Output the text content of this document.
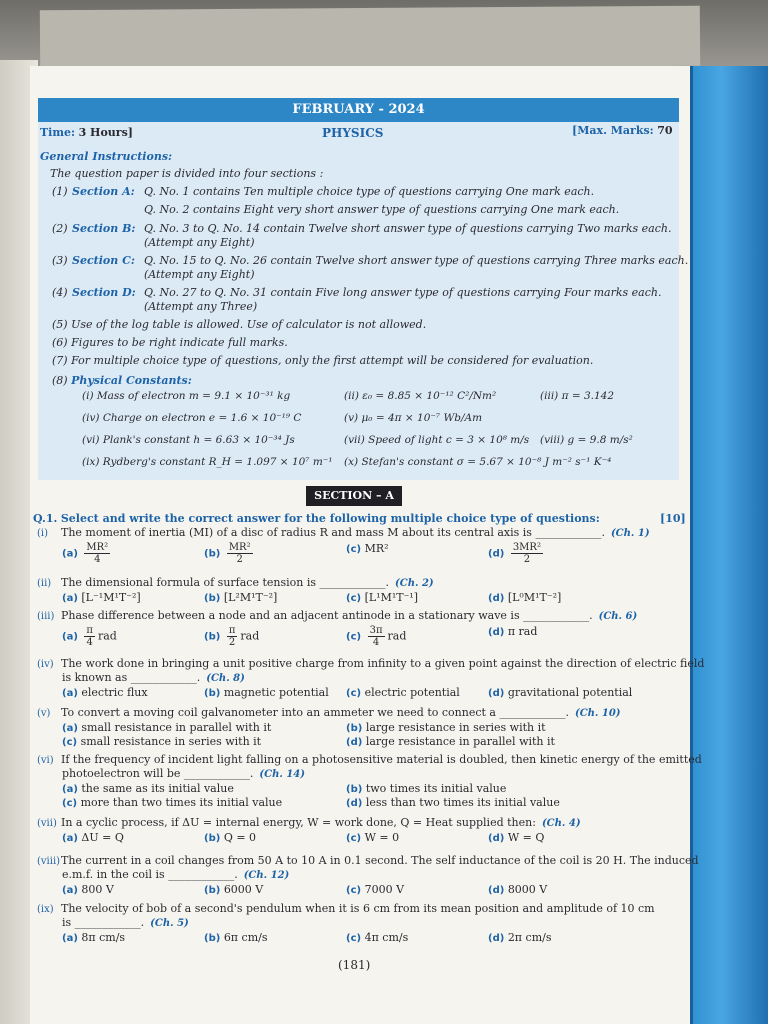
FEBRUARY - 2024
Time: 3 Hours]	PHYSICS	[Max. Marks: 70
General Instructions:
The question paper is divided into four sections :
(1) Section A: Q. No. 1 contains Ten multiple choice type of questions carrying One mark each.
Q. No. 2 contains Eight very short answer type of questions carrying One mark each.
(2) Section B: Q. No. 3 to Q. No. 14 contain Twelve short answer type of questions carrying Two marks each.
(Attempt any Eight)
(3) Section C: Q. No. 15 to Q. No. 26 contain Twelve short answer type of questions carrying Three marks each.
(Attempt any Eight)
(4) Section D: Q. No. 27 to Q. No. 31 contain Five long answer type of questions carrying Four marks each.
(Attempt any Three)
(5) Use of the log table is allowed. Use of calculator is not allowed.
(6) Figures to be right indicate full marks.
(7) For multiple choice type of questions, only the first attempt will be considered for evaluation.
(8) Physical Constants:
(i) Mass of electron m = 9.1 × 10⁻³¹ kg	(ii) ε₀ = 8.85 × 10⁻¹² C²/Nm²	(iii) π = 3.142
(iv) Charge on electron e = 1.6 × 10⁻¹⁹ C	(v) μ₀ = 4π × 10⁻⁷ Wb/Am
(vi) Plank's constant h = 6.63 × 10⁻³⁴ Js	(vii) Speed of light c = 3 × 10⁸ m/s (viii) g = 9.8 m/s²
(ix) Rydberg's constant R_H = 1.097 × 10⁷ m⁻¹ (x) Stefan's constant σ = 5.67 × 10⁻⁸ J m⁻² s⁻¹ K⁻⁴
SECTION – A
Q.1. Select and write the correct answer for the following multiple choice type of questions:	[10]
(i) The moment of inertia (MI) of a disc of radius R and mass M about its central axis is ____________. (Ch. 1)
$(a) \frac{\text{MR²}}{4}$	$(b) \frac{\text{MR²}}{2}$	(c) MR²	$(d) \frac{\text{3MR²}}{2}$
(ii) The dimensional formula of surface tension is ____________. (Ch. 2)
(a) [L⁻¹M¹T⁻²]	(b) [L²M¹T⁻²]	(c) [L¹M¹T⁻¹]	(d) [L⁰M¹T⁻²]
(iii) Phase difference between a node and an adjacent antinode in a stationary wave is ____________. (Ch. 6)
$(a) \frac{\pi}{4}$ rad	$(b) \frac{\pi}{2}$ rad	$(c) \frac{3\pi}{4}$ rad	(d) π rad
(iv) The work done in bringing a unit positive charge from infinity to a given point against the direction of electric field
is known as ____________. (Ch. 8)
(a) electric flux	(b) magnetic potential (c) electric potential	(d) gravitational potential
(v) To convert a moving coil galvanometer into an ammeter we need to connect a ____________. (Ch. 10)
(a) small resistance in parallel with it	(b) large resistance in series with it
(c) small resistance in series with it	(d) large resistance in parallel with it
(vi) If the frequency of incident light falling on a photosensitive material is doubled, then kinetic energy of the emitted
photoelectron will be ____________. (Ch. 14)
(a) the same as its initial value	(b) two times its initial value
(c) more than two times its initial value	(d) less than two times its initial value
(vii) In a cyclic process, if ΔU = internal energy, W = work done, Q = Heat supplied then: (Ch. 4)
(a) ΔU = Q	(b) Q = 0	(c) W = 0	(d) W = Q
(viii)The current in a coil changes from 50 A to 10 A in 0.1 second. The self inductance of the coil is 20 H. The induced
e.m.f. in the coil is ____________. (Ch. 12)
(a) 800 V	(b) 6000 V	(c) 7000 V	(d) 8000 V
(ix) The velocity of bob of a second's pendulum when it is 6 cm from its mean position and amplitude of 10 cm
is ____________. (Ch. 5)
(a) 8π cm/s	(b) 6π cm/s	(c) 4π cm/s	(d) 2π cm/s
(181)
